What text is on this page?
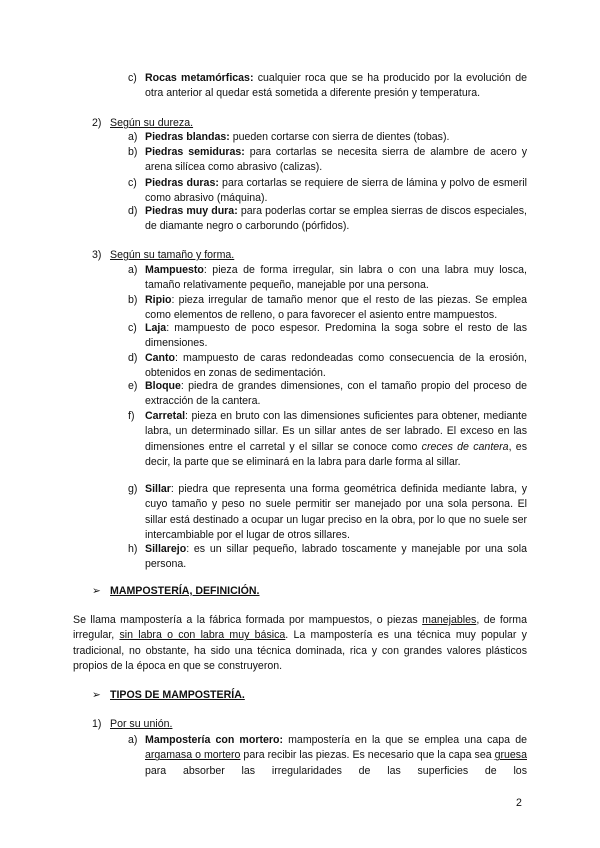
c) Rocas metamórficas: cualquier roca que se ha producido por la evolución de otra anterior al quedar está sometida a diferente presión y temperatura.
2) Según su dureza.
a) Piedras blandas: pueden cortarse con sierra de dientes (tobas).
b) Piedras semiduras: para cortarlas se necesita sierra de alambre de acero y arena silícea como abrasivo (calizas).
c) Piedras duras: para cortarlas se requiere de sierra de lámina y polvo de esmeril como abrasivo (máquina).
d) Piedras muy dura: para poderlas cortar se emplea sierras de discos especiales, de diamante negro o carborundo (pórfidos).
3) Según su tamaño y forma.
a) Mampuesto: pieza de forma irregular, sin labra o con una labra muy losca, tamaño relativamente pequeño, manejable por una persona.
b) Ripio: pieza irregular de tamaño menor que el resto de las piezas. Se emplea como elementos de relleno, o para favorecer el asiento entre mampuestos.
c) Laja: mampuesto de poco espesor. Predomina la soga sobre el resto de las dimensiones.
d) Canto: mampuesto de caras redondeadas como consecuencia de la erosión, obtenidos en zonas de sedimentación.
e) Bloque: piedra de grandes dimensiones, con el tamaño propio del proceso de extracción de la cantera.
f) Carretal: pieza en bruto con las dimensiones suficientes para obtener, mediante labra, un determinado sillar. Es un sillar antes de ser labrado. El exceso en las dimensiones entre el carretal y el sillar se conoce como creces de cantera, es decir, la parte que se eliminará en la labra para darle forma al sillar.
g) Sillar: piedra que representa una forma geométrica definida mediante labra, y cuyo tamaño y peso no suele permitir ser manejado por una sola persona. El sillar está destinado a ocupar un lugar preciso en la obra, por lo que no suele ser intercambiable por el lugar de otros sillares.
h) Sillarejo: es un sillar pequeño, labrado toscamente y manejable por una sola persona.
➢ MAMPOSTERÍA, DEFINICIÓN.
Se llama mampostería a la fábrica formada por mampuestos, o piezas manejables, de forma irregular, sin labra o con labra muy básica. La mampostería es una técnica muy popular y tradicional, no obstante, ha sido una técnica dominada, rica y con grandes valores plásticos propios de la época en que se construyeron.
➢ TIPOS DE MAMPOSTERÍA.
1) Por su unión.
a) Mampostería con mortero: mampostería en la que se emplea una capa de argamasa o mortero para recibir las piezas. Es necesario que la capa sea gruesa para absorber las irregularidades de las superficies de los
2
